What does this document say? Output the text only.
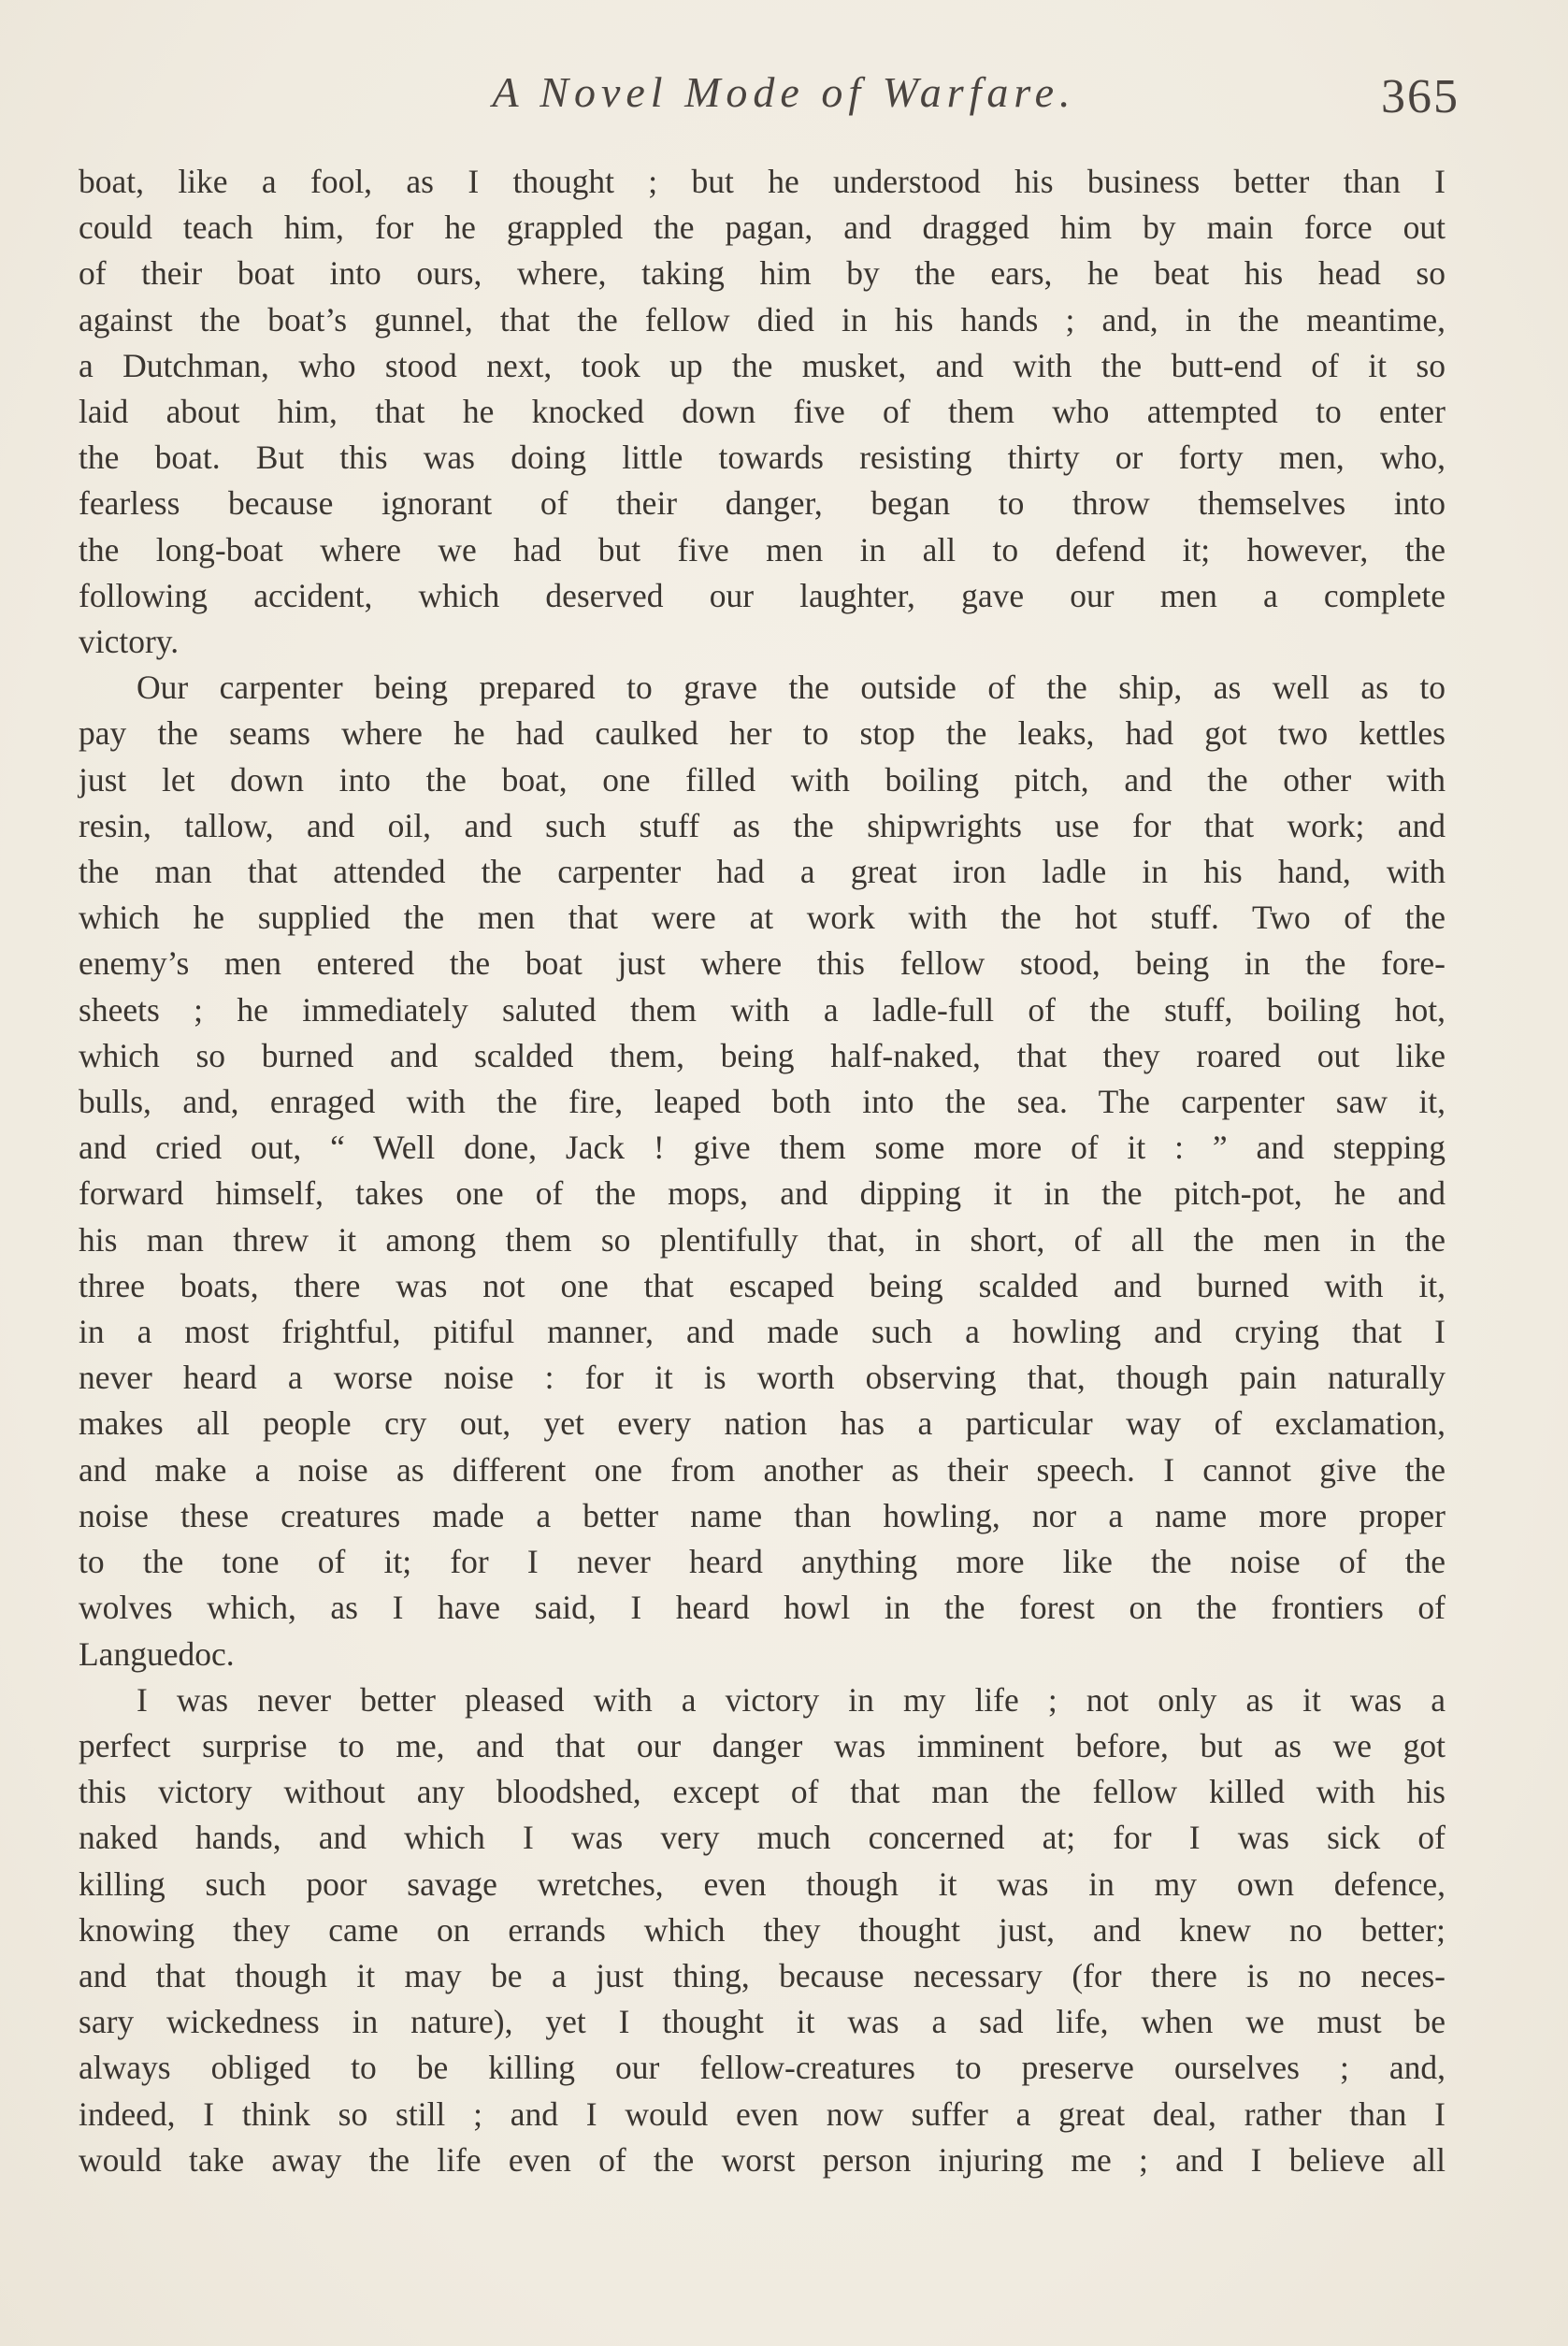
A Novel Mode of Warfare.	365
boat, like a fool, as I thought ; but he understood his business better than I
could teach him, for he grappled the pagan, and dragged him by main force out
of their boat into ours, where, taking him by the ears, he beat his head so
against the boat’s gunnel, that the fellow died in his hands ; and, in the meantime,
a Dutchman, who stood next, took up the musket, and with the butt-end of it so
laid about him, that he knocked down five of them who attempted to enter
the boat. But this was doing little towards resisting thirty or forty men, who,
fearless because ignorant of their danger, began to throw themselves into
the long-boat where we had but five men in all to defend it; however, the
following accident, which deserved our laughter, gave our men a complete
victory.
Our carpenter being prepared to grave the outside of the ship, as well as to
pay the seams where he had caulked her to stop the leaks, had got two kettles
just let down into the boat, one filled with boiling pitch, and the other with
resin, tallow, and oil, and such stuff as the shipwrights use for that work; and
the man that attended the carpenter had a great iron ladle in his hand, with
which he supplied the men that were at work with the hot stuff. Two of the
enemy’s men entered the boat just where this fellow stood, being in the fore-
sheets ; he immediately saluted them with a ladle-full of the stuff, boiling hot,
which so burned and scalded them, being half-naked, that they roared out like
bulls, and, enraged with the fire, leaped both into the sea. The carpenter saw it,
and cried out, “ Well done, Jack ! give them some more of it : ” and stepping
forward himself, takes one of the mops, and dipping it in the pitch-pot, he and
his man threw it among them so plentifully that, in short, of all the men in the
three boats, there was not one that escaped being scalded and burned with it,
in a most frightful, pitiful manner, and made such a howling and crying that I
never heard a worse noise : for it is worth observing that, though pain naturally
makes all people cry out, yet every nation has a particular way of exclamation,
and make a noise as different one from another as their speech. I cannot give the
noise these creatures made a better name than howling, nor a name more proper
to the tone of it; for I never heard anything more like the noise of the
wolves which, as I have said, I heard howl in the forest on the frontiers of
Languedoc.
I was never better pleased with a victory in my life ; not only as it was a
perfect surprise to me, and that our danger was imminent before, but as we got
this victory without any bloodshed, except of that man the fellow killed with his
naked hands, and which I was very much concerned at; for I was sick of
killing such poor savage wretches, even though it was in my own defence,
knowing they came on errands which they thought just, and knew no better;
and that though it may be a just thing, because necessary (for there is no neces-
sary wickedness in nature), yet I thought it was a sad life, when we must be
always obliged to be killing our fellow-creatures to preserve ourselves ; and,
indeed, I think so still ; and I would even now suffer a great deal, rather than I
would take away the life even of the worst person injuring me ; and I believe all
